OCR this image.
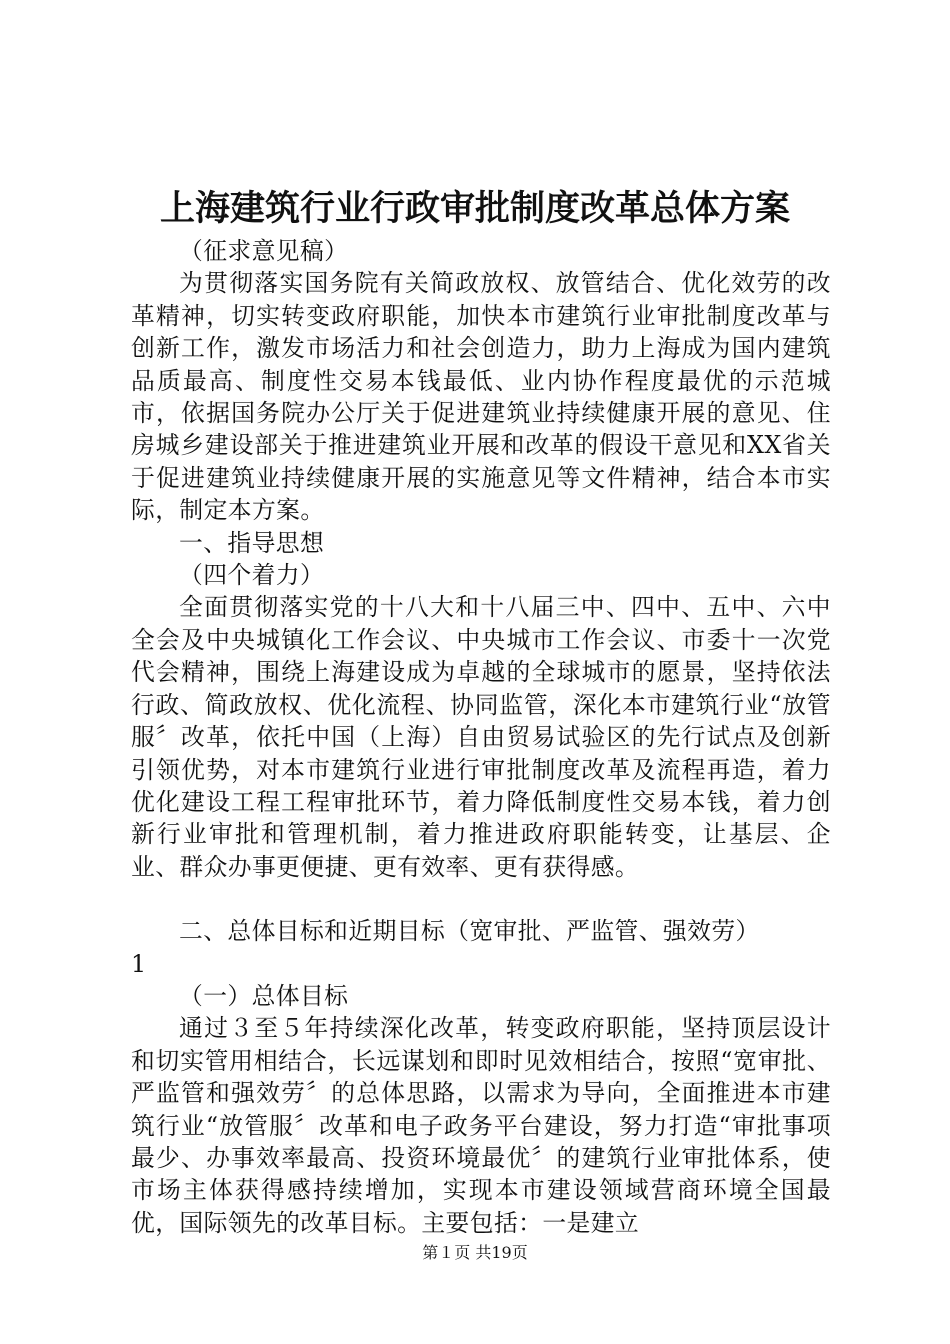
上海建筑行业行政审批制度改革总体方案

（征求意见稿）

为贯彻落实国务院有关简政放权、放管结合、优化效劳的改革精神，切实转变政府职能，加快本市建筑行业审批制度改革与创新工作，激发市场活力和社会创造力，助力上海成为国内建筑品质最高、制度性交易本钱最低、业内协作程度最优的示范城市，依据国务院办公厅关于促进建筑业持续健康开展的意见、住房城乡建设部关于推进建筑业开展和改革的假设干意见和XX省关于促进建筑业持续健康开展的实施意见等文件精神，结合本市实际，制定本方案。

一、指导思想

（四个着力）

全面贯彻落实党的十八大和十八届三中、四中、五中、六中全会及中央城镇化工作会议、中央城市工作会议、市委十一次党代会精神，围绕上海建设成为卓越的全球城市的愿景，坚持依法行政、简政放权、优化流程、协同监管，深化本市建筑行业“放管服〞改革，依托中国（上海）自由贸易试验区的先行试点及创新引领优势，对本市建筑行业进行审批制度改革及流程再造，着力优化建设工程工程审批环节，着力降低制度性交易本钱，着力创新行业审批和管理机制，着力推进政府职能转变，让基层、企业、群众办事更便捷、更有效率、更有获得感。

二、总体目标和近期目标（宽审批、严监管、强效劳）

1

（一）总体目标

通过３至５年持续深化改革，转变政府职能，坚持顶层设计和切实管用相结合，长远谋划和即时见效相结合，按照“宽审批、严监管和强效劳〞的总体思路，以需求为导向，全面推进本市建筑行业“放管服〞改革和电子政务平台建设，努力打造“审批事项最少、办事效率最高、投资环境最优〞的建筑行业审批体系，使市场主体获得感持续增加，实现本市建设领域营商环境全国最优，国际领先的改革目标。主要包括：一是建立

第１页 共19页
